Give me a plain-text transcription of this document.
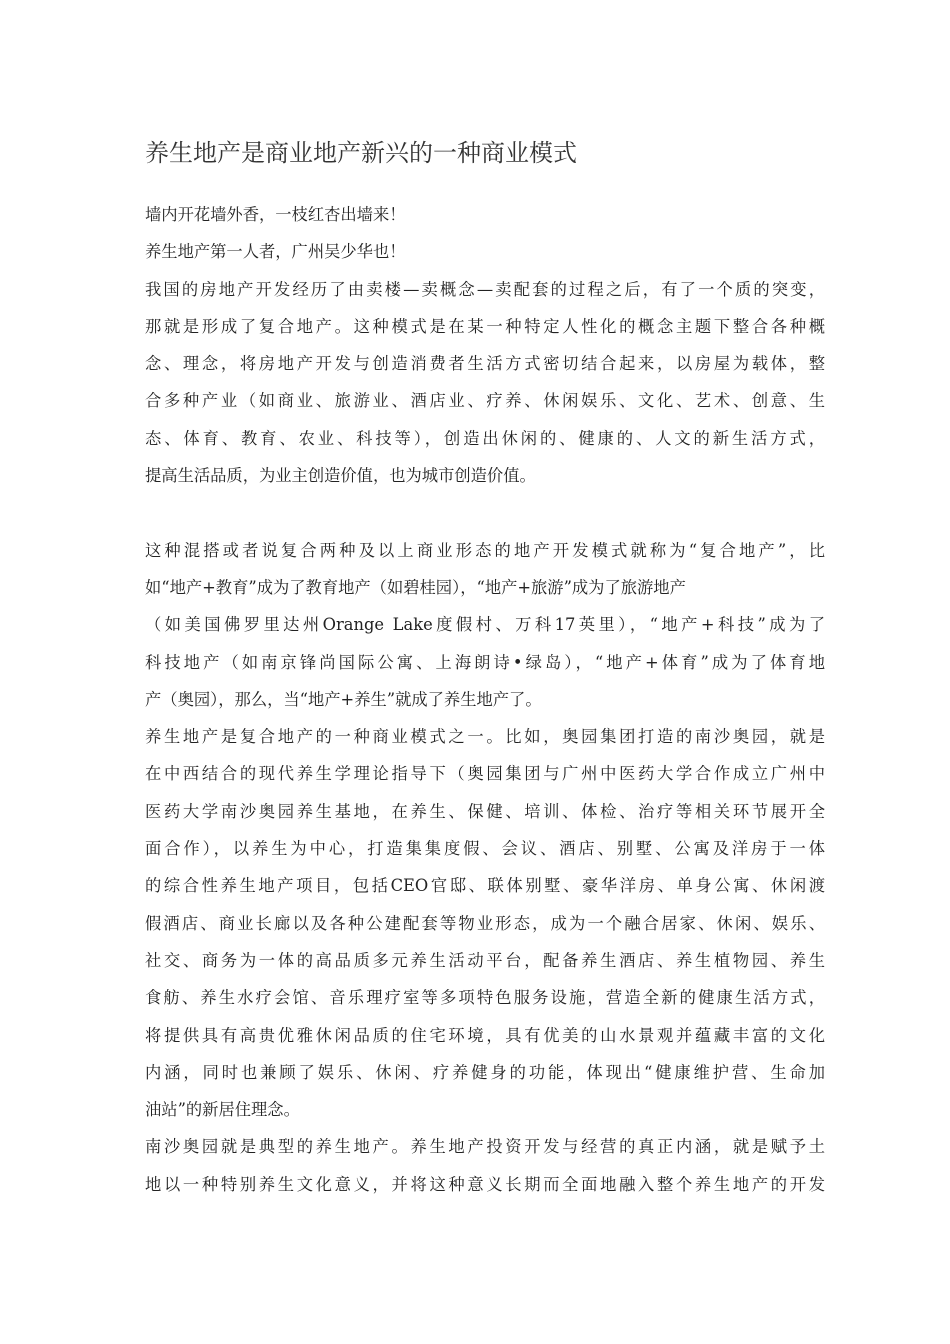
养生地产是商业地产新兴的一种商业模式
墙内开花墙外香，一枝红杏出墙来！
养生地产第一人者，广州吴少华也！
我国的房地产开发经历了由卖楼—卖概念—卖配套的过程之后，有了一个质的突变，
那就是形成了复合地产。这种模式是在某一种特定人性化的概念主题下整合各种概
念、理念，将房地产开发与创造消费者生活方式密切结合起来，以房屋为载体，整
合多种产业（如商业、旅游业、酒店业、疗养、休闲娱乐、文化、艺术、创意、生
态、体育、教育、农业、科技等），创造出休闲的、健康的、人文的新生活方式，
提高生活品质，为业主创造价值，也为城市创造价值。
这种混搭或者说复合两种及以上商业形态的地产开发模式就称为“复合地产”，比
如“地产+教育”成为了教育地产（如碧桂园），“地产+旅游”成为了旅游地产
（如美国佛罗里达州Orange Lake度假村、万科17英里），“地产+科技”成为了
科技地产（如南京锋尚国际公寓、上海朗诗•绿岛），“地产+体育”成为了体育地
产（奥园），那么，当“地产+养生”就成了养生地产了。
养生地产是复合地产的一种商业模式之一。比如，奥园集团打造的南沙奥园，就是
在中西结合的现代养生学理论指导下（奥园集团与广州中医药大学合作成立广州中
医药大学南沙奥园养生基地，在养生、保健、培训、体检、治疗等相关环节展开全
面合作），以养生为中心，打造集集度假、会议、酒店、别墅、公寓及洋房于一体
的综合性养生地产项目，包括CEO官邸、联体别墅、豪华洋房、单身公寓、休闲渡
假酒店、商业长廊以及各种公建配套等物业形态，成为一个融合居家、休闲、娱乐、
社交、商务为一体的高品质多元养生活动平台，配备养生酒店、养生植物园、养生
食舫、养生水疗会馆、音乐理疗室等多项特色服务设施，营造全新的健康生活方式，
将提供具有高贵优雅休闲品质的住宅环境，具有优美的山水景观并蕴藏丰富的文化
内涵，同时也兼顾了娱乐、休闲、疗养健身的功能，体现出“健康维护营、生命加
油站”的新居住理念。
南沙奥园就是典型的养生地产。养生地产投资开发与经营的真正内涵，就是赋予土
地以一种特别养生文化意义，并将这种意义长期而全面地融入整个养生地产的开发
